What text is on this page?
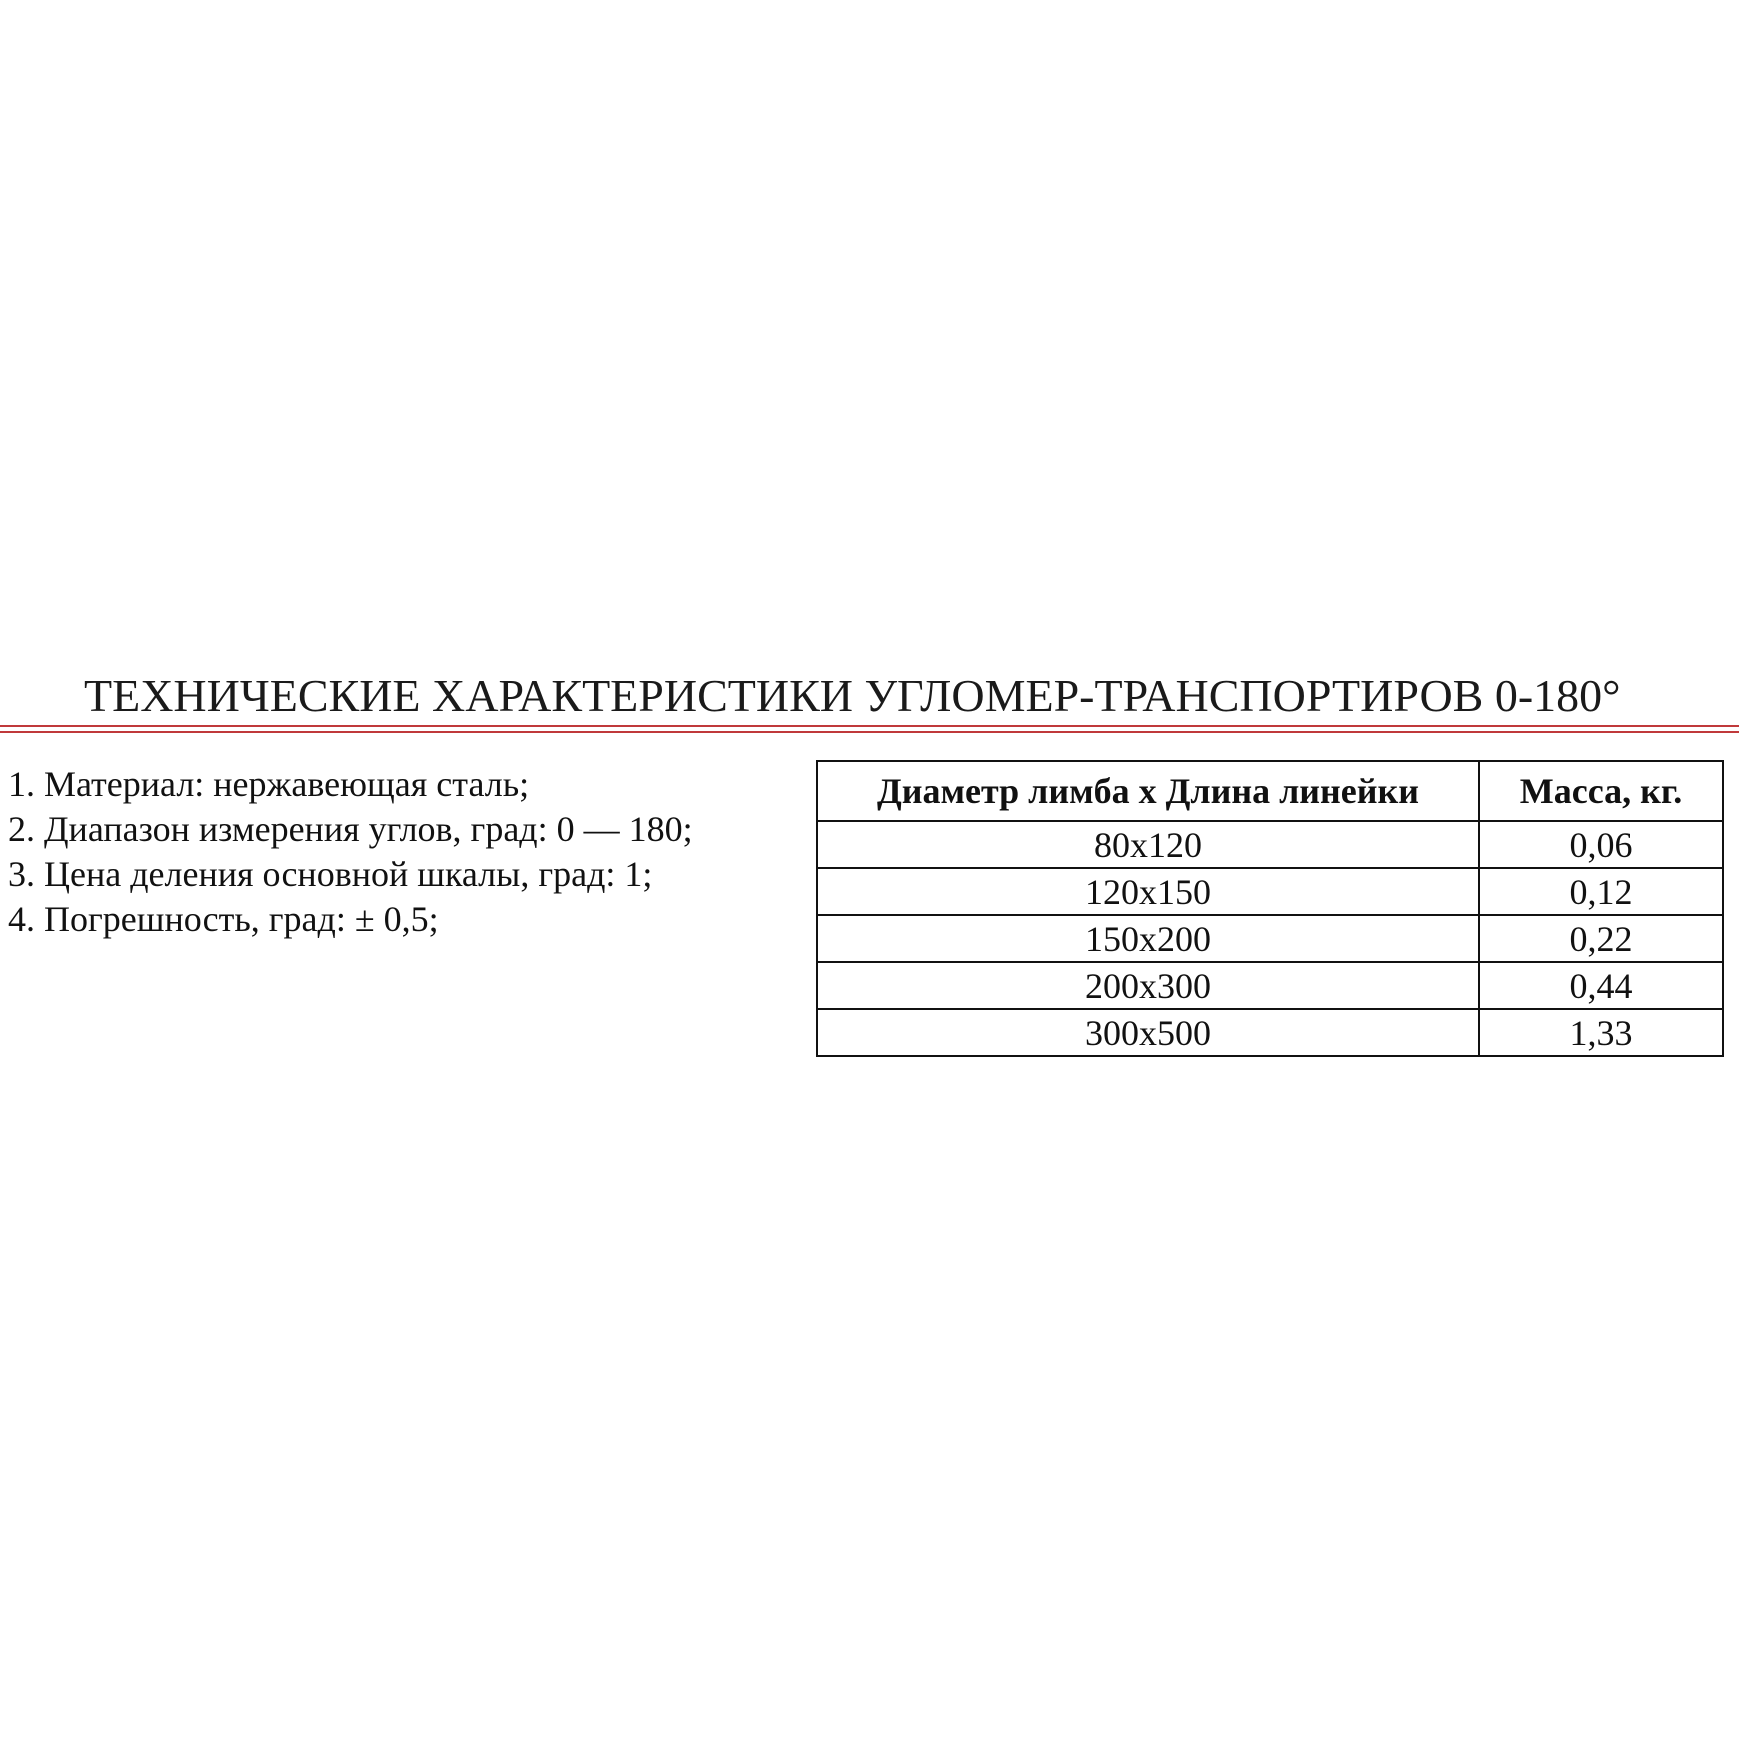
ТЕХНИЧЕСКИЕ ХАРАКТЕРИСТИКИ УГЛОМЕР-ТРАНСПОРТИРОВ 0-180°
1. Материал: нержавеющая сталь;
2. Диапазон измерения углов, град: 0 — 180;
3. Цена деления основной шкалы, град: 1;
4. Погрешность, град: ± 0,5;
Диаметр лимба х Длина линейки	Масса, кг.
80х120	0,06
120х150	0,12
150х200	0,22
200х300	0,44
300х500	1,33
